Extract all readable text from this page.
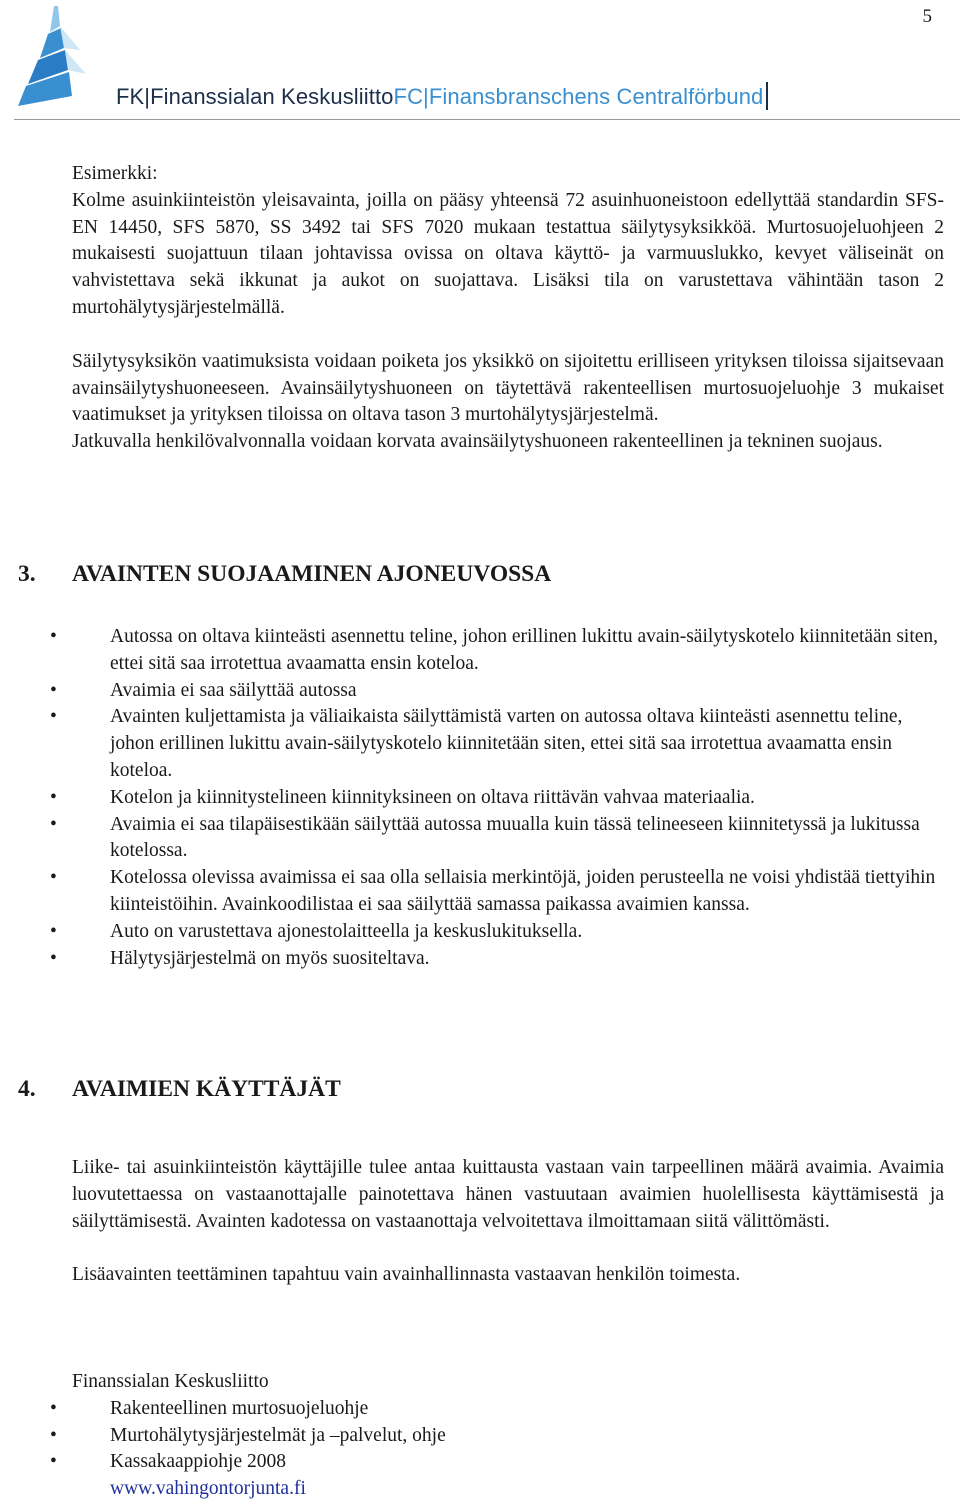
5
FK|Finanssialan KeskusliittoFC|Finansbranschens Centralförbund

Esimerkki:

Kolme asuinkiinteistön yleisavainta, joilla on pääsy yhteensä 72 asuinhuoneistoon edellyttää standardin SFS-EN 14450, SFS 5870, SS 3492 tai SFS 7020 mukaan testattua säilytysyksikköä. Murtosuojeluohjeen 2 mukaisesti suojattuun tilaan johtavissa ovissa on oltava käyttö- ja varmuuslukko, kevyet väliseinät on vahvistettava sekä ikkunat ja aukot on suojattava. Lisäksi tila on varustettava vähintään tason 2 murtohälytysjärjestelmällä.

Säilytysyksikön vaatimuksista voidaan poiketa jos yksikkö on sijoitettu erilliseen yrityksen tiloissa sijaitsevaan avainsäilytyshuoneeseen. Avainsäilytyshuoneen on täytettävä rakenteellisen murtosuojeluohje 3 mukaiset vaatimukset ja yrityksen tiloissa on oltava tason 3 murtohälytysjärjestelmä.

Jatkuvalla henkilövalvonnalla voidaan korvata avainsäilytyshuoneen rakenteellinen ja tekninen suojaus.

3. AVAINTEN SUOJAAMINEN AJONEUVOSSA
•	Autossa on oltava kiinteästi asennettu teline, johon erillinen lukittu avain-säilytyskotelo kiinnitetään siten, ettei sitä saa irrotettua avaamatta ensin koteloa.
•	Avaimia ei saa säilyttää autossa
•	Avainten kuljettamista ja väliaikaista säilyttämistä varten on autossa oltava kiinteästi asennettu teline, johon erillinen lukittu avain-säilytyskotelo kiinnitetään siten, ettei sitä saa irrotettua avaamatta ensin koteloa.
•	Kotelon ja kiinnitystelineen kiinnityksineen on oltava riittävän vahvaa materiaalia.
•	Avaimia ei saa tilapäisestikään säilyttää autossa muualla kuin tässä telineeseen kiinnitetyssä ja lukitussa kotelossa.
•	Kotelossa olevissa avaimissa ei saa olla sellaisia merkintöjä, joiden perusteella ne voisi yhdistää tiettyihin kiinteistöihin. Avainkoodilistaa ei saa säilyttää samassa paikassa avaimien kanssa.
•	Auto on varustettava ajonestolaitteella ja keskuslukituksella.
•	Hälytysjärjestelmä on myös suositeltava.
4. AVAIMIEN KÄYTTÄJÄT

Liike- tai asuinkiinteistön käyttäjille tulee antaa kuittausta vastaan vain tarpeellinen määrä avaimia. Avaimia luovutettaessa on vastaanottajalle painotettava hänen vastuutaan avaimien huolellisesta käyttämisestä ja säilyttämisestä. Avainten kadotessa on vastaanottaja velvoitettava ilmoittamaan siitä välittömästi.

Lisäavainten teettäminen tapahtuu vain avainhallinnasta vastaavan henkilön toimesta.

Finanssialan Keskusliitto

•	Rakenteellinen murtosuojeluohje
•	Murtohälytysjärjestelmät ja –palvelut, ohje
•	Kassakaappiohje 2008

www.vahingontorjunta.fi
